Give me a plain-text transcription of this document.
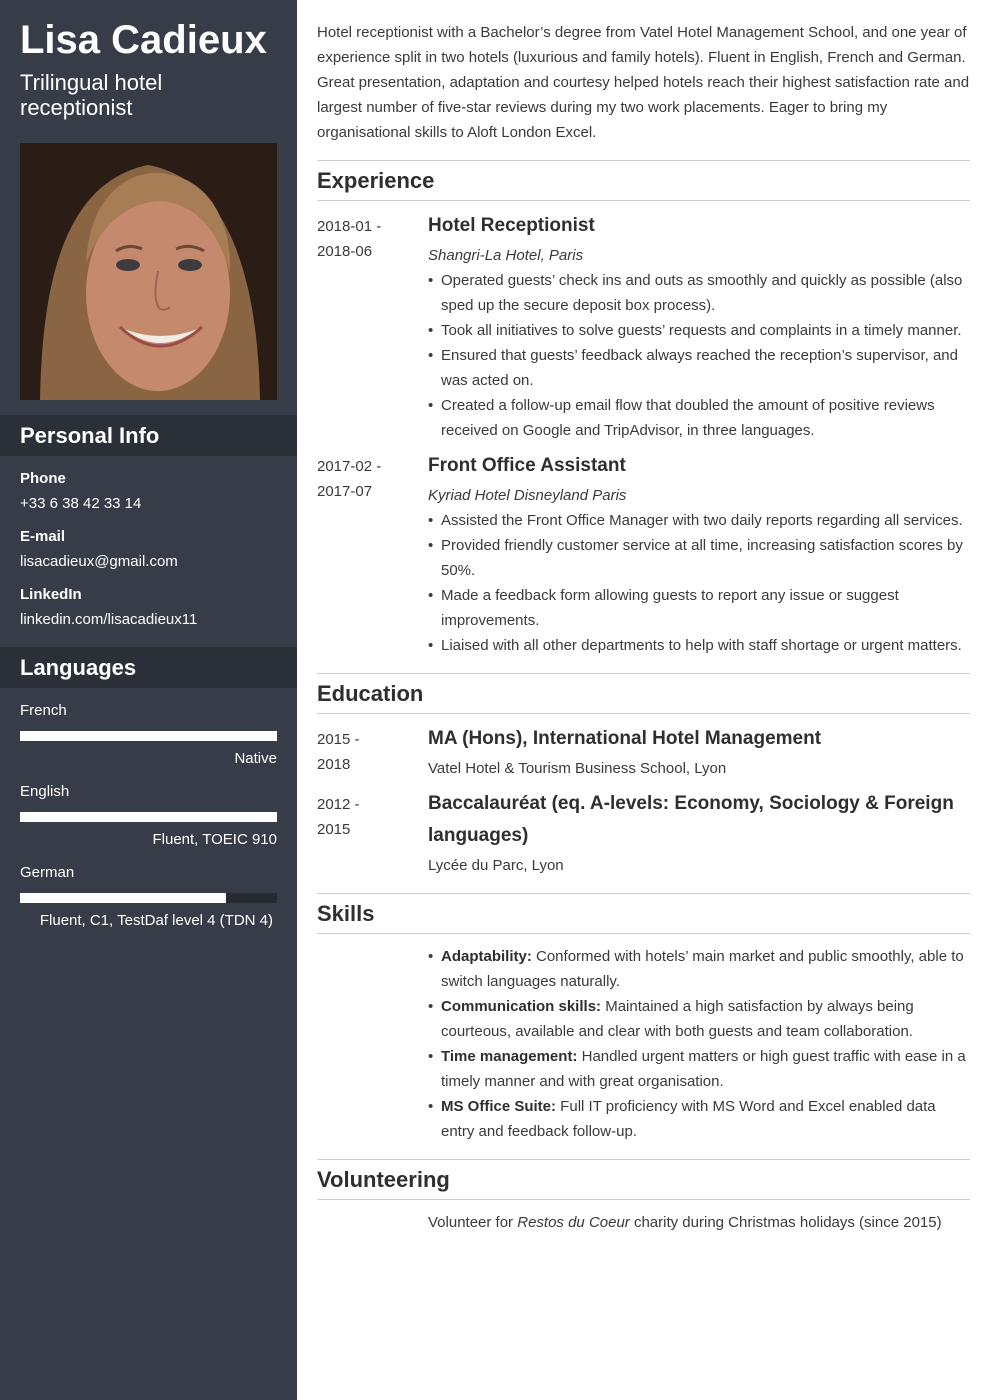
Lisa Cadieux
Trilingual hotel receptionist
Personal Info
Phone
+33 6 38 42 33 14
E-mail
lisacadieux@gmail.com
LinkedIn
linkedin.com/lisacadieux11
Languages
French
Native
English
Fluent, TOEIC 910
German
Fluent, C1, TestDaf level 4 (TDN 4)
Hotel receptionist with a Bachelor’s degree from Vatel Hotel Management School, and one year of experience split in two hotels (luxurious and family hotels). Fluent in English, French and German. Great presentation, adaptation and courtesy helped hotels reach their highest satisfaction rate and largest number of five-star reviews during my two work placements. Eager to bring my organisational skills to Aloft London Excel.
Experience
2018-01 -
2018-06
Hotel Receptionist
Shangri-La Hotel, Paris
• Operated guests’ check ins and outs as smoothly and quickly as possible (also sped up the secure deposit box process).
• Took all initiatives to solve guests’ requests and complaints in a timely manner.
• Ensured that guests’ feedback always reached the reception’s supervisor, and was acted on.
• Created a follow-up email flow that doubled the amount of positive reviews received on Google and TripAdvisor, in three languages.
2017-02 -
2017-07
Front Office Assistant
Kyriad Hotel Disneyland Paris
• Assisted the Front Office Manager with two daily reports regarding all services.
• Provided friendly customer service at all time, increasing satisfaction scores by 50%.
• Made a feedback form allowing guests to report any issue or suggest improvements.
• Liaised with all other departments to help with staff shortage or urgent matters.
Education
2015 -
2018
MA (Hons), International Hotel Management
Vatel Hotel & Tourism Business School, Lyon
2012 -
2015
Baccalauréat (eq. A-levels: Economy, Sociology & Foreign languages)
Lycée du Parc, Lyon
Skills
• Adaptability: Conformed with hotels’ main market and public smoothly, able to switch languages naturally.
• Communication skills: Maintained a high satisfaction by always being courteous, available and clear with both guests and team collaboration.
• Time management: Handled urgent matters or high guest traffic with ease in a timely manner and with great organisation.
• MS Office Suite: Full IT proficiency with MS Word and Excel enabled data entry and feedback follow-up.
Volunteering
Volunteer for Restos du Coeur charity during Christmas holidays (since 2015)
